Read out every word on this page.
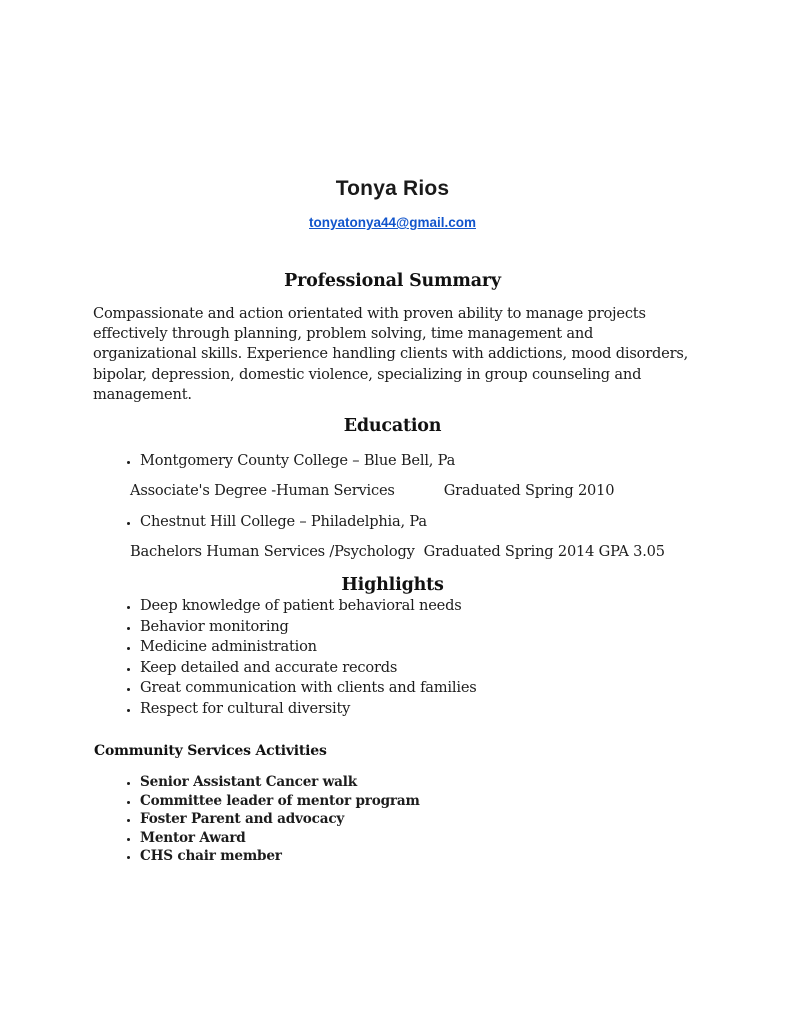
Tonya Rios
tonyatonya44@gmail.com
Professional Summary

Compassionate and action orientated with proven ability to manage projects effectively through planning, problem solving, time management and organizational skills. Experience handling clients with addictions, mood disorders, bipolar, depression, domestic violence, specializing in group counseling and management.

Education
• Montgomery County College – Blue Bell, Pa
Associate's Degree -Human Services	Graduated Spring 2010
• Chestnut Hill College – Philadelphia, Pa
Bachelors Human Services /Psychology Graduated Spring 2014 GPA 3.05
Highlights
• Deep knowledge of patient behavioral needs
• Behavior monitoring
• Medicine administration
• Keep detailed and accurate records
• Great communication with clients and families
• Respect for cultural diversity
Community Services Activities
• Senior Assistant Cancer walk
• Committee leader of mentor program
• Foster Parent and advocacy
• Mentor Award
• CHS chair member
